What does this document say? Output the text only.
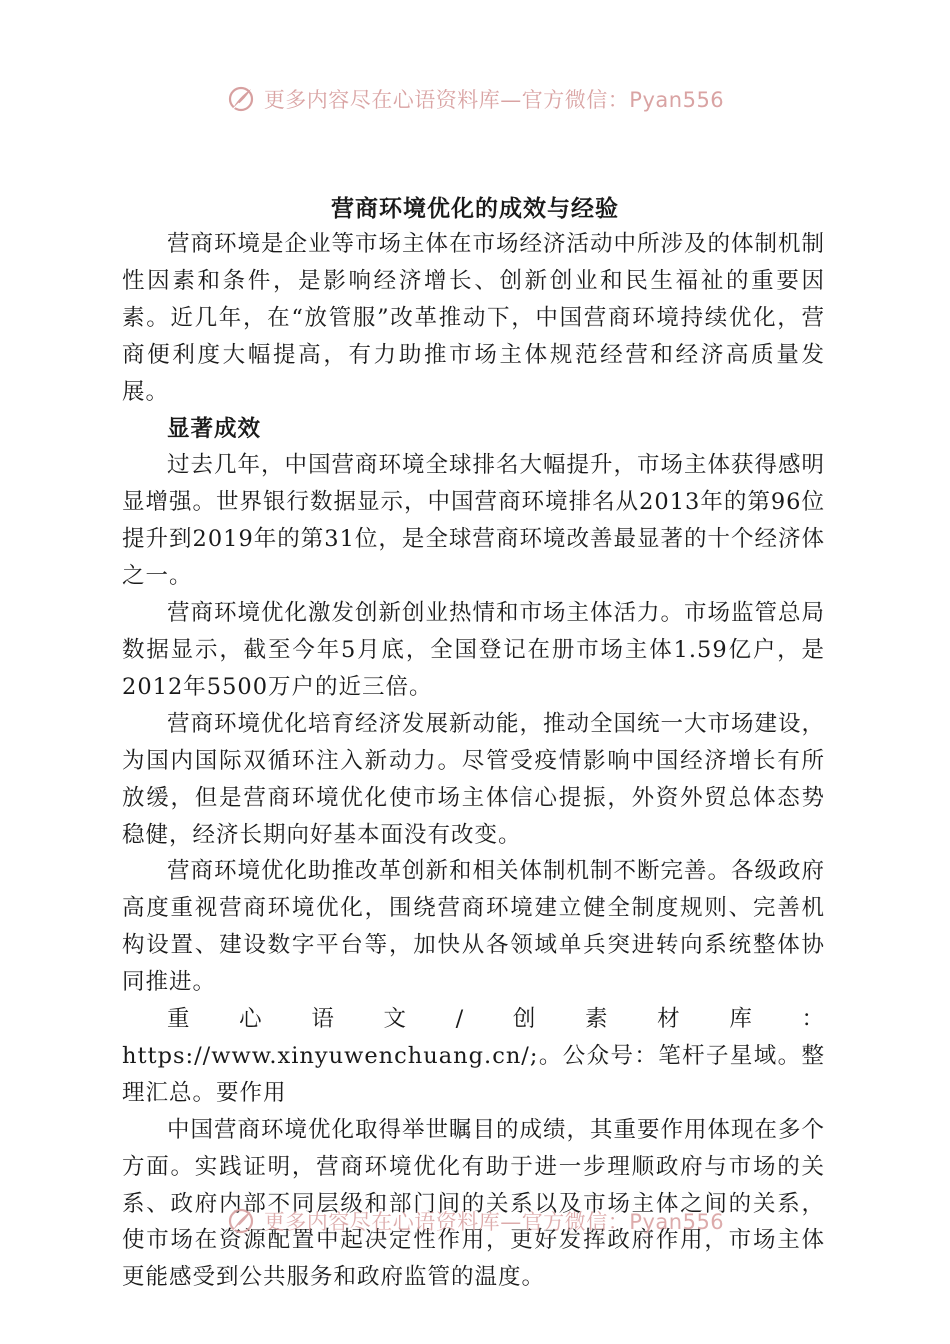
更多内容尽在心语资料库—官方微信：Pyan556
营商环境优化的成效与经验

营商环境是企业等市场主体在市场经济活动中所涉及的体制机制性因素和条件，是影响经济增长、创新创业和民生福祉的重要因素。近几年，在“放管服”改革推动下，中国营商环境持续优化，营商便利度大幅提高，有力助推市场主体规范经营和经济高质量发展。

显著成效

过去几年，中国营商环境全球排名大幅提升，市场主体获得感明显增强。世界银行数据显示，中国营商环境排名从2013年的第96位提升到2019年的第31位，是全球营商环境改善最显著的十个经济体之一。

营商环境优化激发创新创业热情和市场主体活力。市场监管总局数据显示，截至今年5月底，全国登记在册市场主体1.59亿户，是2012年5500万户的近三倍。

营商环境优化培育经济发展新动能，推动全国统一大市场建设，为国内国际双循环注入新动力。尽管受疫情影响中国经济增长有所放缓，但是营商环境优化使市场主体信心提振，外资外贸总体态势稳健，经济长期向好基本面没有改变。

营商环境优化助推改革创新和相关体制机制不断完善。各级政府高度重视营商环境优化，围绕营商环境建立健全制度规则、完善机构设置、建设数字平台等，加快从各领域单兵突进转向系统整体协同推进。

重心语文/创素材库：https://www.xinyuwenchuang.cn/;。公众号：笔杆子星域。整理汇总。要作用

中国营商环境优化取得举世瞩目的成绩，其重要作用体现在多个方面。实践证明，营商环境优化有助于进一步理顺政府与市场的关系、政府内部不同层级和部门间的关系以及市场主体之间的关系，使市场在资源配置中起决定性作用，更好发挥政府作用，市场主体更能感受到公共服务和政府监管的温度。

更多内容尽在心语资料库—官方微信：Pyan556
